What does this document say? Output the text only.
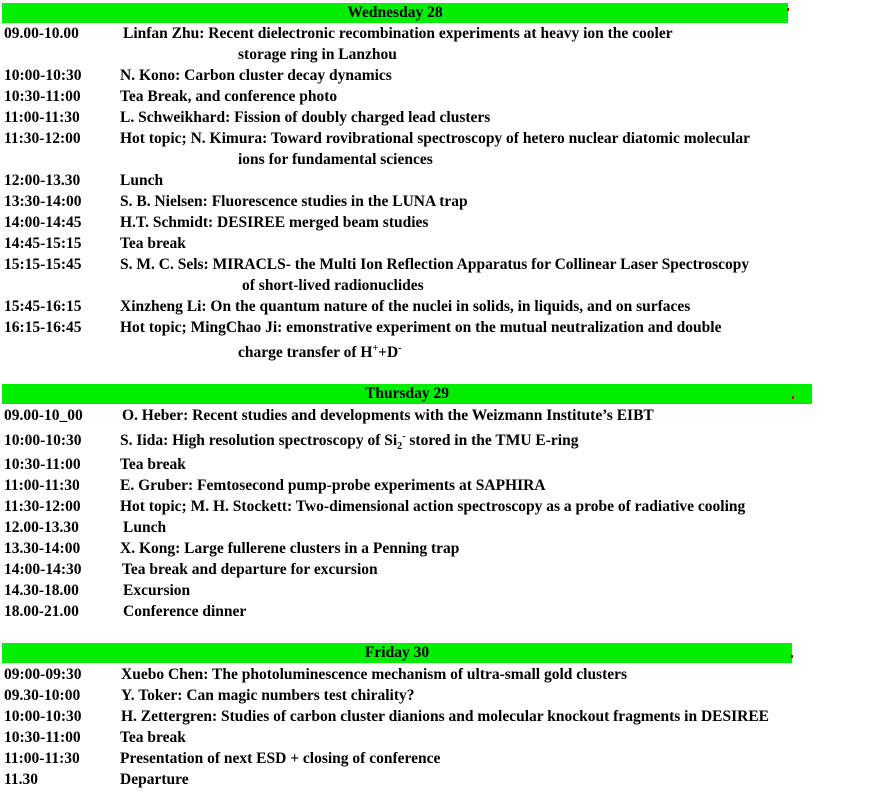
Wednesday 28
09.00-10.00	Linfan Zhu: Recent dielectronic recombination experiments at heavy ion the cooler
storage ring in Lanzhou
10:00-10:30 N. Kono: Carbon cluster decay dynamics
10:30-11:00	Tea Break, and conference photo
11:00-11:30	L. Schweikhard: Fission of doubly charged lead clusters
11:30-12:00	Hot topic; N. Kimura: Toward rovibrational spectroscopy of hetero nuclear diatomic molecular
ions for fundamental sciences
12:00-13.30	Lunch
13:30-14:00 S. B. Nielsen: Fluorescence studies in the LUNA trap
14:00-14:45 H.T. Schmidt: DESIREE merged beam studies
14:45-15:15 Tea break
15:15-15:45 S. M. C. Sels: MIRACLS- the Multi Ion Reflection Apparatus for Collinear Laser Spectroscopy
of short-lived radionuclides
15:45-16:15 Xinzheng Li: On the quantum nature of the nuclei in solids, in liquids, and on surfaces
16:15-16:45 Hot topic; MingChao Ji: emonstrative experiment on the mutual neutralization and double
charge transfer of H++D-
Thursday 29
09.00-10_00	O. Heber: Recent studies and developments with the Weizmann Institute’s EIBT
10:00-10:30 S. Iida: High resolution spectroscopy of $Si_2^-$ stored in the TMU E-ring
10:30-11:00	Tea break
11:00-11:30	E. Gruber: Femtosecond pump-probe experiments at SAPHIRA
11:30-12:00	Hot topic; M. H. Stockett: Two-dimensional action spectroscopy as a probe of radiative cooling
12.00-13.30	Lunch
13.30-14:00	X. Kong: Large fullerene clusters in a Penning trap
14:00-14:30	Tea break and departure for excursion
14.30-18.00	Excursion
18.00-21.00	Conference dinner
Friday 30
09:00-09:30	Xuebo Chen: The photoluminescence mechanism of ultra-small gold clusters
09.30-10:00	Y. Toker: Can magic numbers test chirality?
10:00-10:30	H. Zettergren: Studies of carbon cluster dianions and molecular knockout fragments in DESIREE
10:30-11:00	Tea break
11:00-11:30	Presentation of next ESD + closing of conference
11.30	Departure
